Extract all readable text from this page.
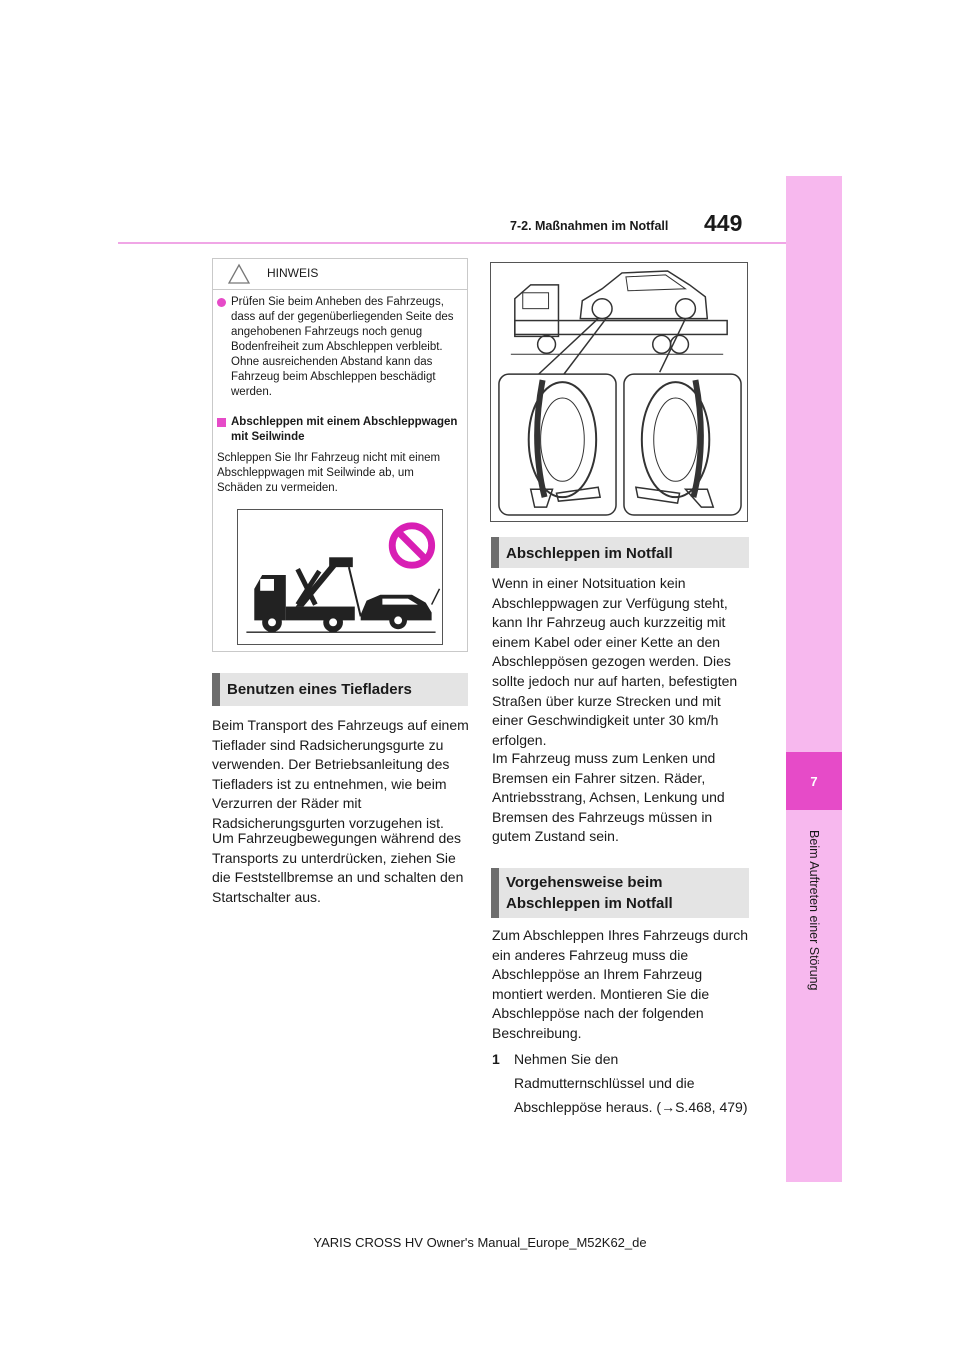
7
Beim Auftreten einer Störung
7-2. Maßnahmen im Notfall 449
HINWEIS
Prüfen Sie beim Anheben des Fahrzeugs, dass auf der gegenüberliegenden Seite des angehobenen Fahrzeugs noch genug Bodenfreiheit zum Abschleppen verbleibt. Ohne ausreichenden Abstand kann das Fahrzeug beim Abschleppen beschädigt werden.
Abschleppen mit einem Abschleppwagen mit Seilwinde
Schleppen Sie Ihr Fahrzeug nicht mit einem Abschleppwagen mit Seilwinde ab, um Schäden zu vermeiden.
Benutzen eines Tiefladers
Beim Transport des Fahrzeugs auf einem Tieflader sind Radsicherungsgurte zu verwenden. Der Betriebsanleitung des Tiefladers ist zu entnehmen, wie beim Verzurren der Räder mit Radsicherungsgurten vorzugehen ist.
Um Fahrzeugbewegungen während des Transports zu unterdrücken, ziehen Sie die Feststellbremse an und schalten den Startschalter aus.
Abschleppen im Notfall
Wenn in einer Notsituation kein Abschleppwagen zur Verfügung steht, kann Ihr Fahrzeug auch kurzzeitig mit einem Kabel oder einer Kette an den Abschleppösen gezogen werden. Dies sollte jedoch nur auf harten, befestigten Straßen über kurze Strecken und mit einer Geschwindigkeit unter 30 km/h erfolgen.
Im Fahrzeug muss zum Lenken und Bremsen ein Fahrer sitzen. Räder, Antriebsstrang, Achsen, Lenkung und Bremsen des Fahrzeugs müssen in gutem Zustand sein.
Vorgehensweise beim Abschleppen im Notfall
Zum Abschleppen Ihres Fahrzeugs durch ein anderes Fahrzeug muss die Abschleppöse an Ihrem Fahrzeug montiert werden. Montieren Sie die Abschleppöse nach der folgenden Beschreibung.
1 Nehmen Sie den Radmutternschlüssel und die Abschleppöse heraus. (→S.468, 479)
YARIS CROSS HV Owner's Manual_Europe_M52K62_de
